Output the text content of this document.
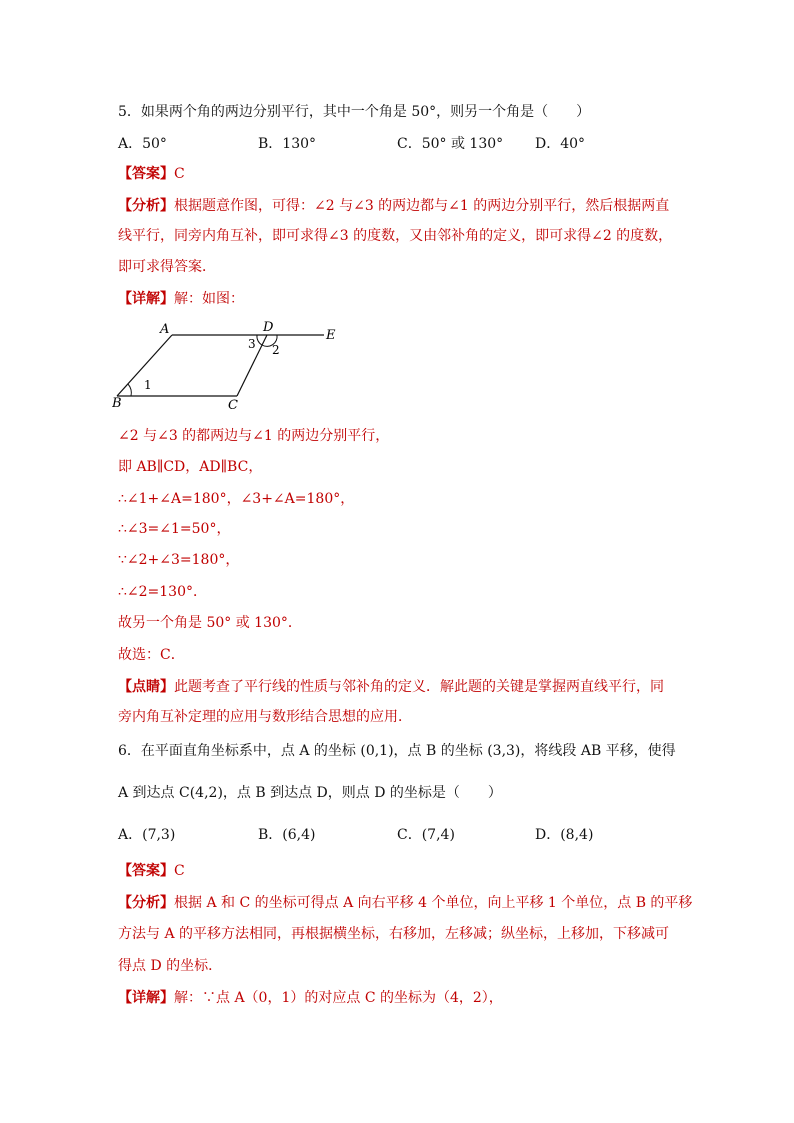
5．如果两个角的两边分别平行，其中一个角是 50°，则另一个角是（　　）
A．50°	B．130°	C．50° 或 130° D．40°
【答案】C
【分析】根据题意作图，可得：∠2 与∠3 的两边都与∠1 的两边分别平行，然后根据两直
线平行，同旁内角互补，即可求得∠3 的度数，又由邻补角的定义，即可求得∠2 的度数，
即可求得答案．
【详解】解：如图：
A
B	C
D
E
1
2
3
∠2 与∠3 的都两边与∠1 的两边分别平行，
即 AB∥CD，AD∥BC，
∴∠1+∠A=180°，∠3+∠A=180°，
∴∠3=∠1=50°，
∵∠2+∠3=180°，
∴∠2=130°．
故另一个角是 50° 或 130°．
故选：C．
【点睛】此题考查了平行线的性质与邻补角的定义．解此题的关键是掌握两直线平行，同
旁内角互补定理的应用与数形结合思想的应用．
6．在平面直角坐标系中，点 A 的坐标 (0,1)，点 B 的坐标 (3,3)，将线段 AB 平移，使得
A 到达点 C(4,2)，点 B 到达点 D，则点 D 的坐标是（　　）
A．(7,3)	B．(6,4)	C．(7,4)	D．(8,4)
【答案】C
【分析】根据 A 和 C 的坐标可得点 A 向右平移 4 个单位，向上平移 1 个单位，点 B 的平移
方法与 A 的平移方法相同，再根据横坐标，右移加，左移减；纵坐标，上移加，下移减可
得点 D 的坐标．
【详解】解：∵点 A（0，1）的对应点 C 的坐标为（4，2），
